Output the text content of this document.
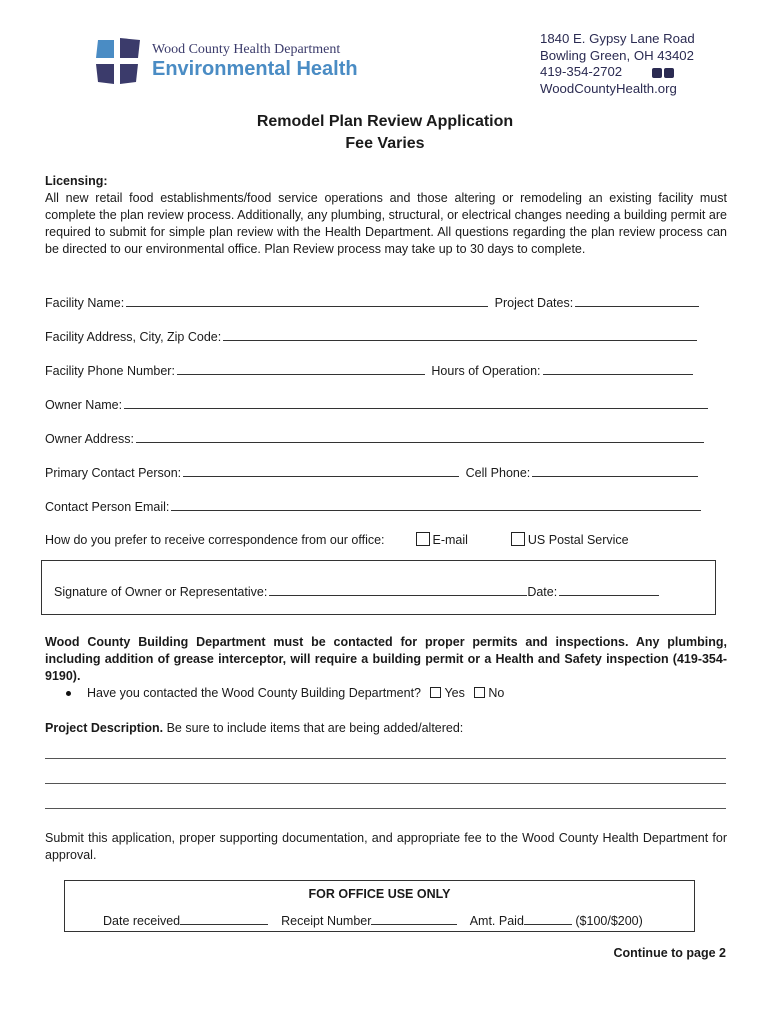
Wood County Health Department
Environmental Health
1840 E. Gypsy Lane Road
Bowling Green, OH 43402
419-354-2702
WoodCountyHealth.org
Remodel Plan Review Application
Fee Varies
Licensing:
All new retail food establishments/food service operations and those altering or remodeling an existing facility must complete the plan review process. Additionally, any plumbing, structural, or electrical changes needing a building permit are required to submit for simple plan review with the Health Department. All questions regarding the plan review process can be directed to our environmental office. Plan Review process may take up to 30 days to complete.
Facility Name:	Project Dates:
Facility Address, City, Zip Code:
Facility Phone Number:	Hours of Operation:
Owner Name:
Owner Address:
Primary Contact Person:	Cell Phone:
Contact Person Email:
How do you prefer to receive correspondence from our office:	E-mail	US Postal Service
Signature of Owner or Representative:	Date:
Wood County Building Department must be contacted for proper permits and inspections. Any plumbing, including addition of grease interceptor, will require a building permit or a Health and Safety inspection (419-354-9190).
Have you contacted the Wood County Building Department? Yes No
Project Description. Be sure to include items that are being added/altered:
Submit this application, proper supporting documentation, and appropriate fee to the Wood County Health Department for approval.
FOR OFFICE USE ONLY
Date received	Receipt Number	Amt. Paid	($100/$200)
Continue to page 2
